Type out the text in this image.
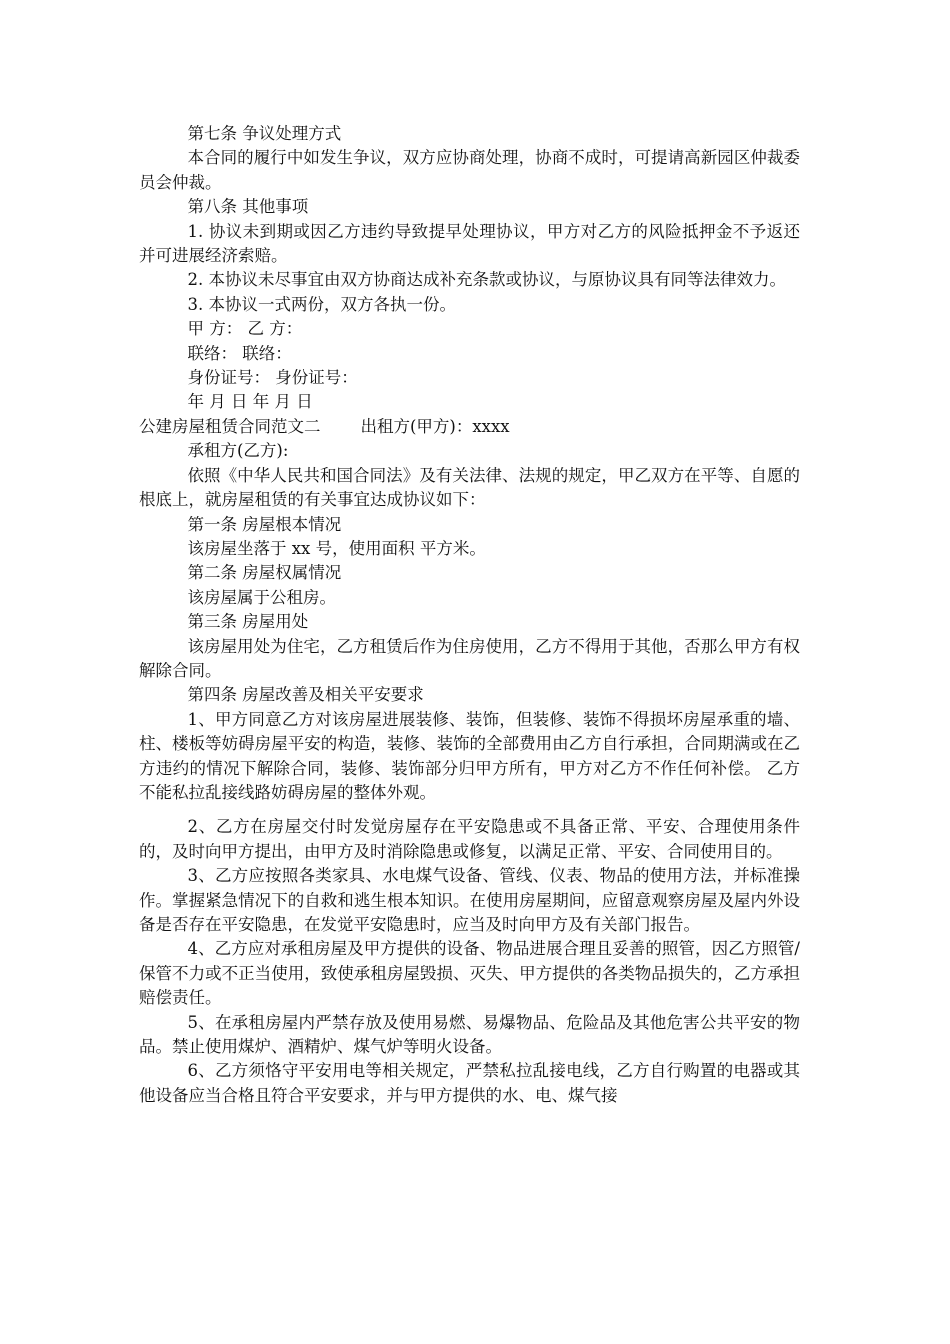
第七条 争议处理方式

本合同的履行中如发生争议，双方应协商处理，协商不成时，可提请高新园区仲裁委员会仲裁。

第八条 其他事项

1. 协议未到期或因乙方违约导致提早处理协议，甲方对乙方的风险抵押金不予返还并可进展经济索赔。

2. 本协议未尽事宜由双方协商达成补充条款或协议，与原协议具有同等法律效力。

3. 本协议一式两份，双方各执一份。

甲 方： 乙 方：

联络： 联络：

身份证号： 身份证号：

年 月 日 年 月 日

公建房屋租赁合同范文二 出租方(甲方)：xxxx

承租方(乙方):

依照《中华人民共和国合同法》及有关法律、法规的规定，甲乙双方在平等、自愿的根底上，就房屋租赁的有关事宜达成协议如下：

第一条 房屋根本情况

该房屋坐落于 xx 号，使用面积 平方米。

第二条 房屋权属情况

该房屋属于公租房。

第三条 房屋用处

该房屋用处为住宅，乙方租赁后作为住房使用，乙方不得用于其他，否那么甲方有权解除合同。

第四条 房屋改善及相关平安要求

1、甲方同意乙方对该房屋进展装修、装饰，但装修、装饰不得损坏房屋承重的墙、柱、楼板等妨碍房屋平安的构造，装修、装饰的全部费用由乙方自行承担，合同期满或在乙方违约的情况下解除合同，装修、装饰部分归甲方所有，甲方对乙方不作任何补偿。 乙方不能私拉乱接线路妨碍房屋的整体外观。

2、乙方在房屋交付时发觉房屋存在平安隐患或不具备正常、平安、合理使用条件的，及时向甲方提出，由甲方及时消除隐患或修复，以满足正常、平安、合同使用目的。

3、乙方应按照各类家具、水电煤气设备、管线、仪表、物品的使用方法，并标准操作。掌握紧急情况下的自救和逃生根本知识。在使用房屋期间，应留意观察房屋及屋内外设备是否存在平安隐患，在发觉平安隐患时，应当及时向甲方及有关部门报告。

4、乙方应对承租房屋及甲方提供的设备、物品进展合理且妥善的照管，因乙方照管/保管不力或不正当使用，致使承租房屋毁损、灭失、甲方提供的各类物品损失的，乙方承担赔偿责任。

5、在承租房屋内严禁存放及使用易燃、易爆物品、危险品及其他危害公共平安的物品。禁止使用煤炉、酒精炉、煤气炉等明火设备。

6、乙方须恪守平安用电等相关规定，严禁私拉乱接电线，乙方自行购置的电器或其他设备应当合格且符合平安要求，并与甲方提供的水、电、煤气接
